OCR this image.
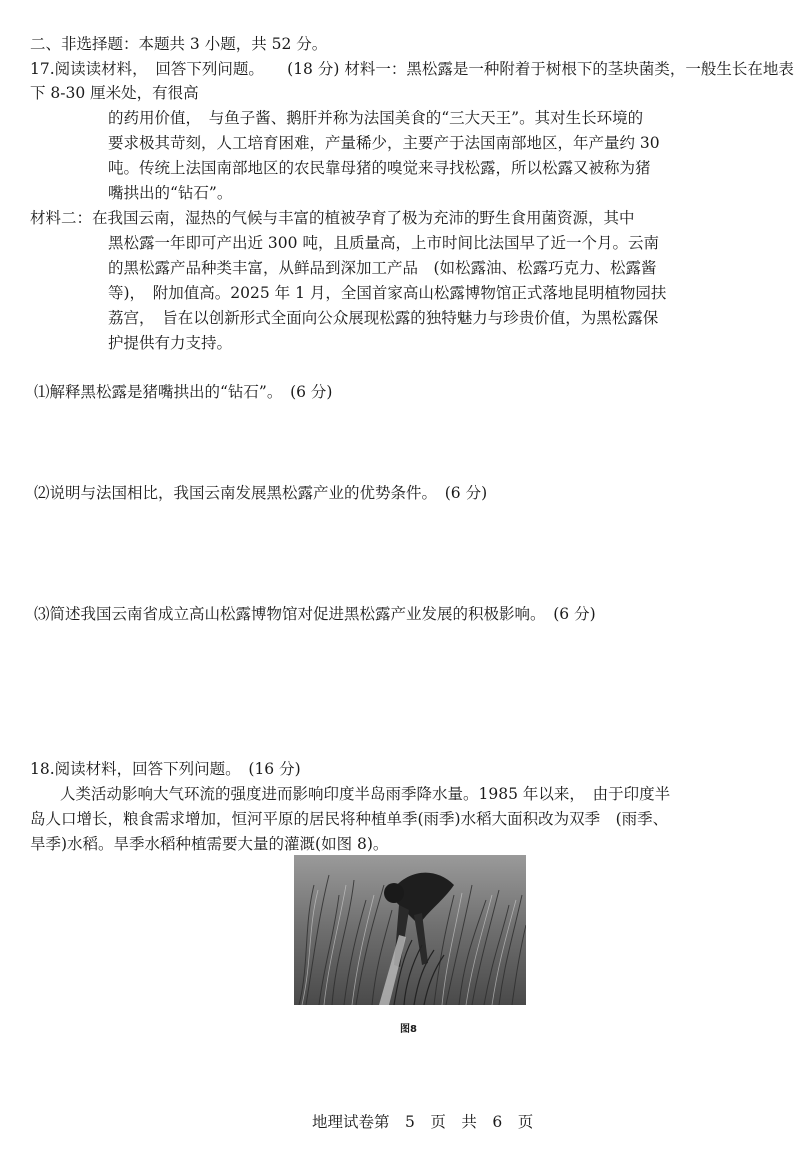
二、非选择题：本题共 3 小题，共 52 分。
17.阅读读材料，　回答下列问题。　　(18 分) 材料一：黑松露是一种附着于树根下的茎块菌类，一般生长在地表
下 8-30 厘米处，有很高
的药用价值，　与鱼子酱、鹅肝并称为法国美食的“三大天王”。其对生长环境的
要求极其苛刻，人工培育困难，产量稀少，主要产于法国南部地区，年产量约 30
吨。传统上法国南部地区的农民靠母猪的嗅觉来寻找松露，所以松露又被称为猪
嘴拱出的“钻石”。
材料二：在我国云南，湿热的气候与丰富的植被孕育了极为充沛的野生食用菌资源，其中
黑松露一年即可产出近 300 吨，且质量高，上市时间比法国早了近一个月。云南
的黑松露产品种类丰富，从鲜品到深加工产品　(如松露油、松露巧克力、松露酱
等)，　附加值高。2025 年 1 月，全国首家高山松露博物馆正式落地昆明植物园扶
荔宫，　旨在以创新形式全面向公众展现松露的独特魅力与珍贵价值，为黑松露保
护提供有力支持。
⑴解释黑松露是猪嘴拱出的“钻石”。　(6 分)
⑵说明与法国相比，我国云南发展黑松露产业的优势条件。　(6 分)
⑶简述我国云南省成立高山松露博物馆对促进黑松露产业发展的积极影响。　(6 分)
18.阅读材料，回答下列问题。　(16 分)
人类活动影响大气环流的强度进而影响印度半岛雨季降水量。1985 年以来，　由于印度半
岛人口增长，粮食需求增加，恒河平原的居民将种植单季(雨季)水稻大面积改为双季　(雨季、
旱季)水稻。旱季水稻种植需要大量的灌溉(如图 8)。
图8
地理试卷第　5　页　共　6　页
